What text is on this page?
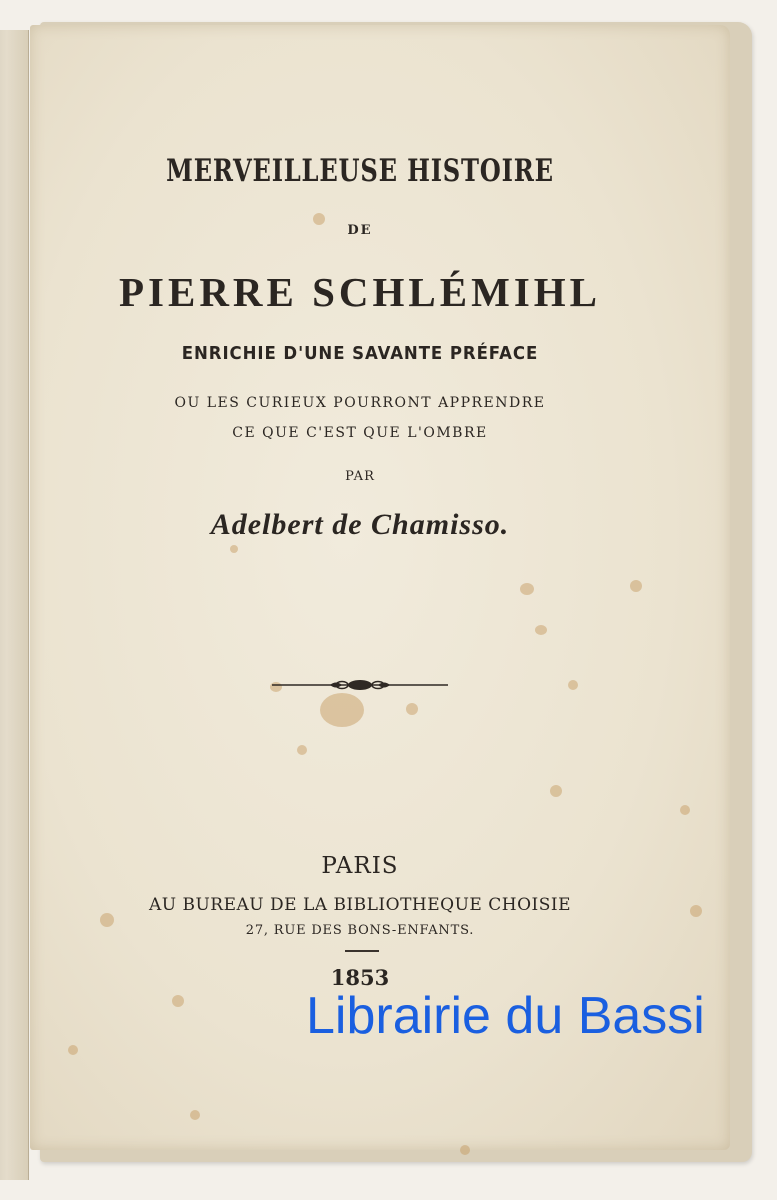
MERVEILLEUSE HISTOIRE
DE
PIERRE SCHLÉMIHL
ENRICHIE D'UNE SAVANTE PRÉFACE
OU LES CURIEUX POURRONT APPRENDRE
CE QUE C'EST QUE L'OMBRE
PAR
Adelbert de Chamisso.
PARIS
AU BUREAU DE LA BIBLIOTHEQUE CHOISIE
27, RUE DES BONS-ENFANTS.
1853
Librairie du Bassi
